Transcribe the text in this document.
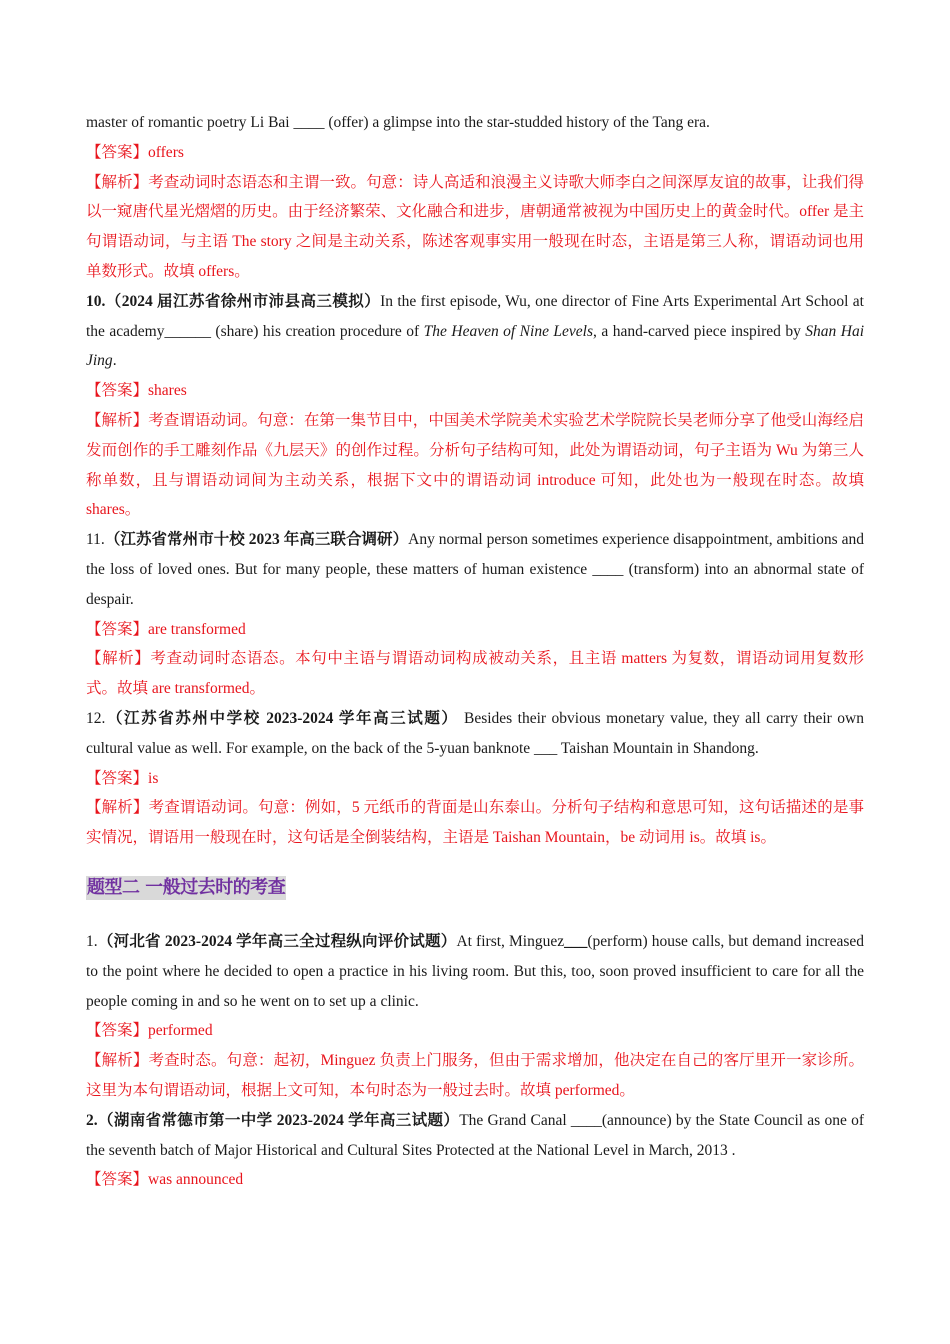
master of romantic poetry Li Bai ____ (offer) a glimpse into the star-studded history of the Tang era.

【答案】offers

【解析】考查动词时态语态和主谓一致。句意：诗人高适和浪漫主义诗歌大师李白之间深厚友谊的故事，让我们得以一窥唐代星光熠熠的历史。由于经济繁荣、文化融合和进步，唐朝通常被视为中国历史上的黄金时代。offer 是主句谓语动词，与主语 The story 之间是主动关系，陈述客观事实用一般现在时态，主语是第三人称，谓语动词也用单数形式。故填 offers。

10.（2024 届江苏省徐州市沛县高三模拟）In the first episode, Wu, one director of Fine Arts Experimental Art School at the academy______ (share) his creation procedure of The Heaven of Nine Levels, a hand-carved piece inspired by Shan Hai Jing.

【答案】shares

【解析】考查谓语动词。句意：在第一集节目中，中国美术学院美术实验艺术学院院长吴老师分享了他受山海经启发而创作的手工雕刻作品《九层天》的创作过程。分析句子结构可知，此处为谓语动词，句子主语为 Wu 为第三人称单数，且与谓语动词间为主动关系，根据下文中的谓语动词 introduce 可知，此处也为一般现在时态。故填 shares。

11.（江苏省常州市十校 2023 年高三联合调研）Any normal person sometimes experience disappointment, ambitions and the loss of loved ones. But for many people, these matters of human existence ____ (transform) into an abnormal state of despair.

【答案】are transformed

【解析】考查动词时态语态。本句中主语与谓语动词构成被动关系，且主语 matters 为复数，谓语动词用复数形式。故填 are transformed。

12.（江苏省苏州中学校 2023-2024 学年高三试题） Besides their obvious monetary value, they all carry their own cultural value as well. For example, on the back of the 5-yuan banknote ___ Taishan Mountain in Shandong.

【答案】is

【解析】考查谓语动词。句意：例如，5 元纸币的背面是山东泰山。分析句子结构和意思可知，这句话描述的是事实情况，谓语用一般现在时，这句话是全倒装结构，主语是 Taishan Mountain，be 动词用 is。故填 is。

题型二 一般过去时的考查

1.（河北省 2023-2024 学年高三全过程纵向评价试题）At first, Minguez___(perform) house calls, but demand increased to the point where he decided to open a practice in his living room. But this, too, soon proved insufficient to care for all the people coming in and so he went on to set up a clinic.

【答案】performed

【解析】考查时态。句意：起初，Minguez 负责上门服务，但由于需求增加，他决定在自己的客厅里开一家诊所。这里为本句谓语动词，根据上文可知，本句时态为一般过去时。故填 performed。

2.（湖南省常德市第一中学 2023-2024 学年高三试题）The Grand Canal ____(announce) by the State Council as one of the seventh batch of Major Historical and Cultural Sites Protected at the National Level in March, 2013 .

【答案】was announced
